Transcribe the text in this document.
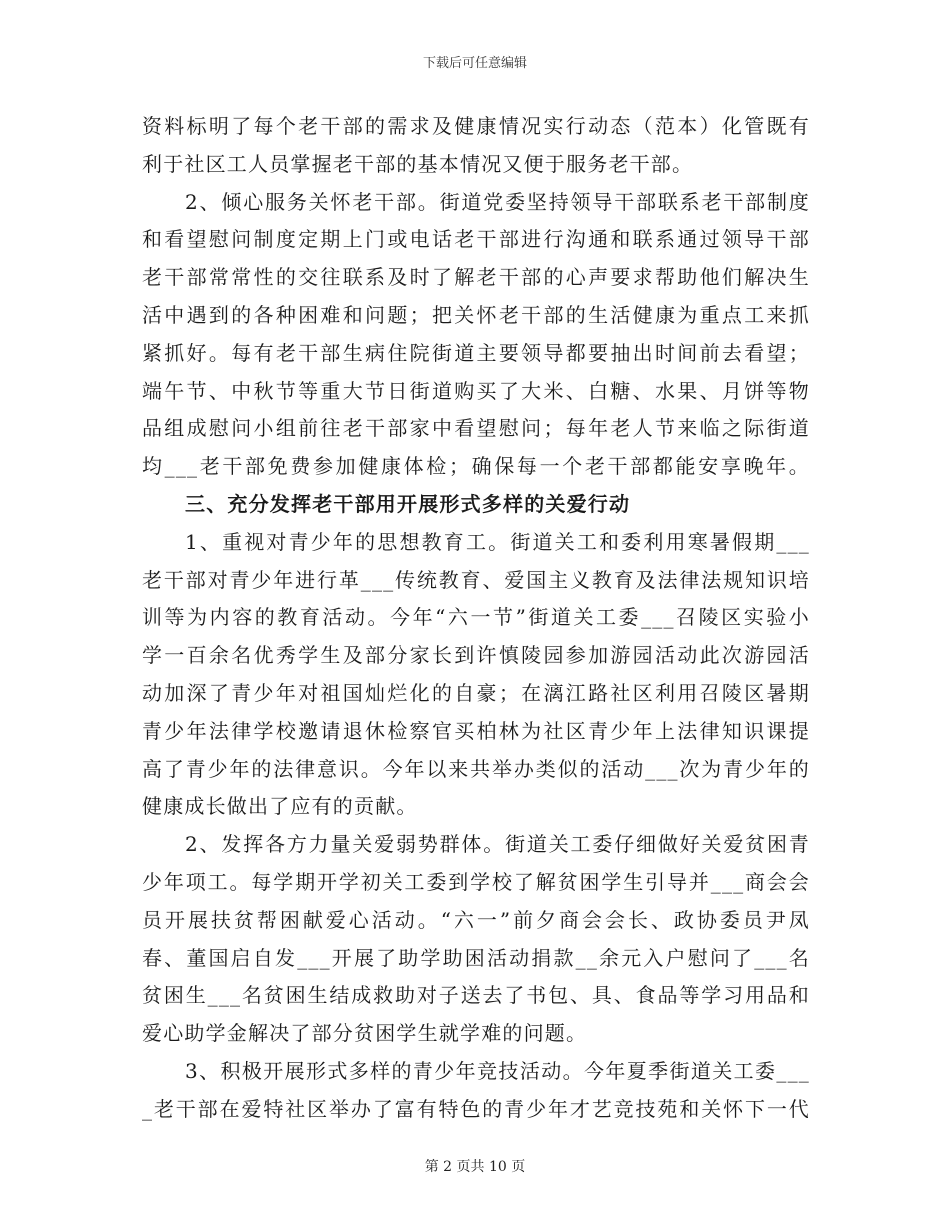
下载后可任意编辑
资料标明了每个老干部的需求及健康情况实行动态（范本）化管既有
利于社区工人员掌握老干部的基本情况又便于服务老干部。
2、倾心服务关怀老干部。街道党委坚持领导干部联系老干部制度
和看望慰问制度定期上门或电话老干部进行沟通和联系通过领导干部
老干部常常性的交往联系及时了解老干部的心声要求帮助他们解决生
活中遇到的各种困难和问题；把关怀老干部的生活健康为重点工来抓
紧抓好。每有老干部生病住院街道主要领导都要抽出时间前去看望；
端午节、中秋节等重大节日街道购买了大米、白糖、水果、月饼等物
品组成慰问小组前往老干部家中看望慰问；每年老人节来临之际街道
均___老干部免费参加健康体检；确保每一个老干部都能安享晚年。
三、充分发挥老干部用开展形式多样的关爱行动
1、重视对青少年的思想教育工。街道关工和委利用寒暑假期___
老干部对青少年进行革___传统教育、爱国主义教育及法律法规知识培
训等为内容的教育活动。今年“六一节”街道关工委___召陵区实验小
学一百余名优秀学生及部分家长到许慎陵园参加游园活动此次游园活
动加深了青少年对祖国灿烂化的自豪；在漓江路社区利用召陵区暑期
青少年法律学校邀请退休检察官买柏林为社区青少年上法律知识课提
高了青少年的法律意识。今年以来共举办类似的活动___次为青少年的
健康成长做出了应有的贡献。
2、发挥各方力量关爱弱势群体。街道关工委仔细做好关爱贫困青
少年项工。每学期开学初关工委到学校了解贫困学生引导并___商会会
员开展扶贫帮困献爱心活动。“六一”前夕商会会长、政协委员尹凤
春、董国启自发___开展了助学助困活动捐款__余元入户慰问了___名
贫困生___名贫困生结成救助对子送去了书包、具、食品等学习用品和
爱心助学金解决了部分贫困学生就学难的问题。
3、积极开展形式多样的青少年竞技活动。今年夏季街道关工委___
_老干部在爱特社区举办了富有特色的青少年才艺竞技苑和关怀下一代
第 2 页共 10 页
